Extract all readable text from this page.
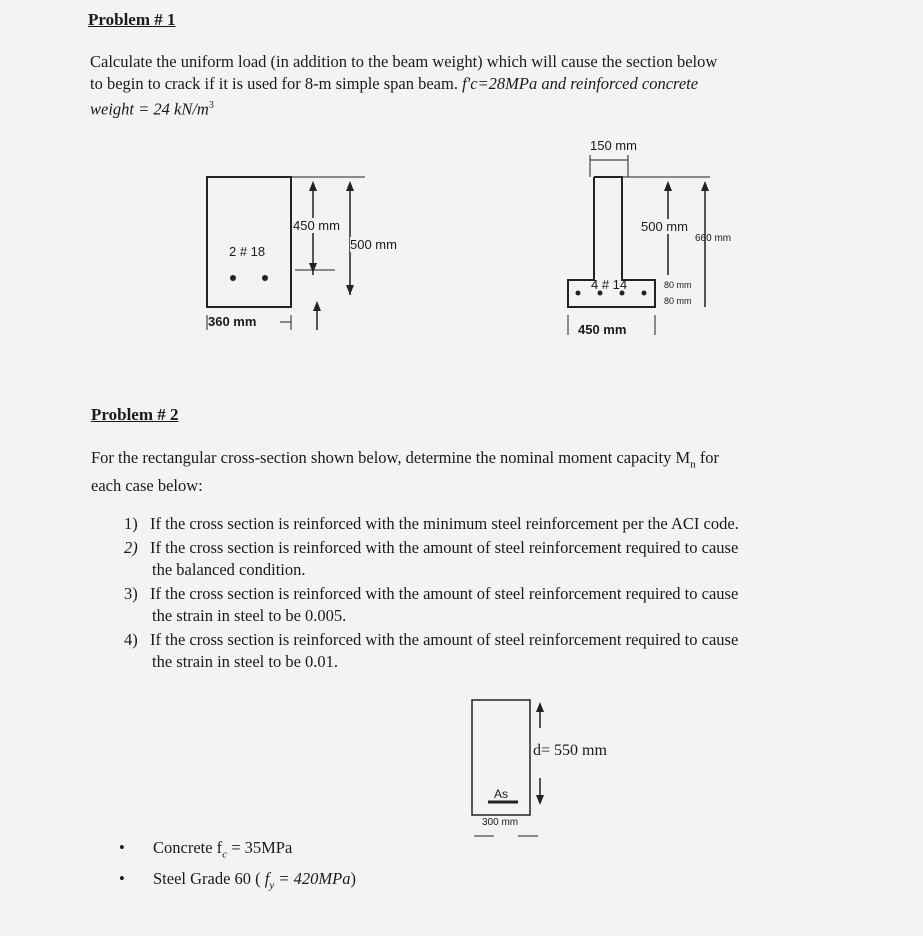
Problem # 1
Calculate the uniform load (in addition to the beam weight) which will cause the section below
to begin to crack if it is used for 8-m simple span beam. f'c=28MPa and reinforced concrete
weight = 24 $kN/m^3$
450 mm
500 mm
2 # 18
360 mm
150 mm
500 mm
660 mm
4 # 14	80 mm
80 mm
450 mm
Problem # 2
For the rectangular cross-section shown below, determine the nominal moment capacity $M_n$ for
each case below:
1) If the cross section is reinforced with the minimum steel reinforcement per the ACI code.
2) If the cross section is reinforced with the amount of steel reinforcement required to cause
the balanced condition.
3) If the cross section is reinforced with the amount of steel reinforcement required to cause
the strain in steel to be 0.005.
4) If the cross section is reinforced with the amount of steel reinforcement required to cause
the strain in steel to be 0.01.
As
d= 550 mm
300 mm
• Concrete $f_c = 35MPa$
• Steel Grade 60 ( $f_y = 420MPa$)
